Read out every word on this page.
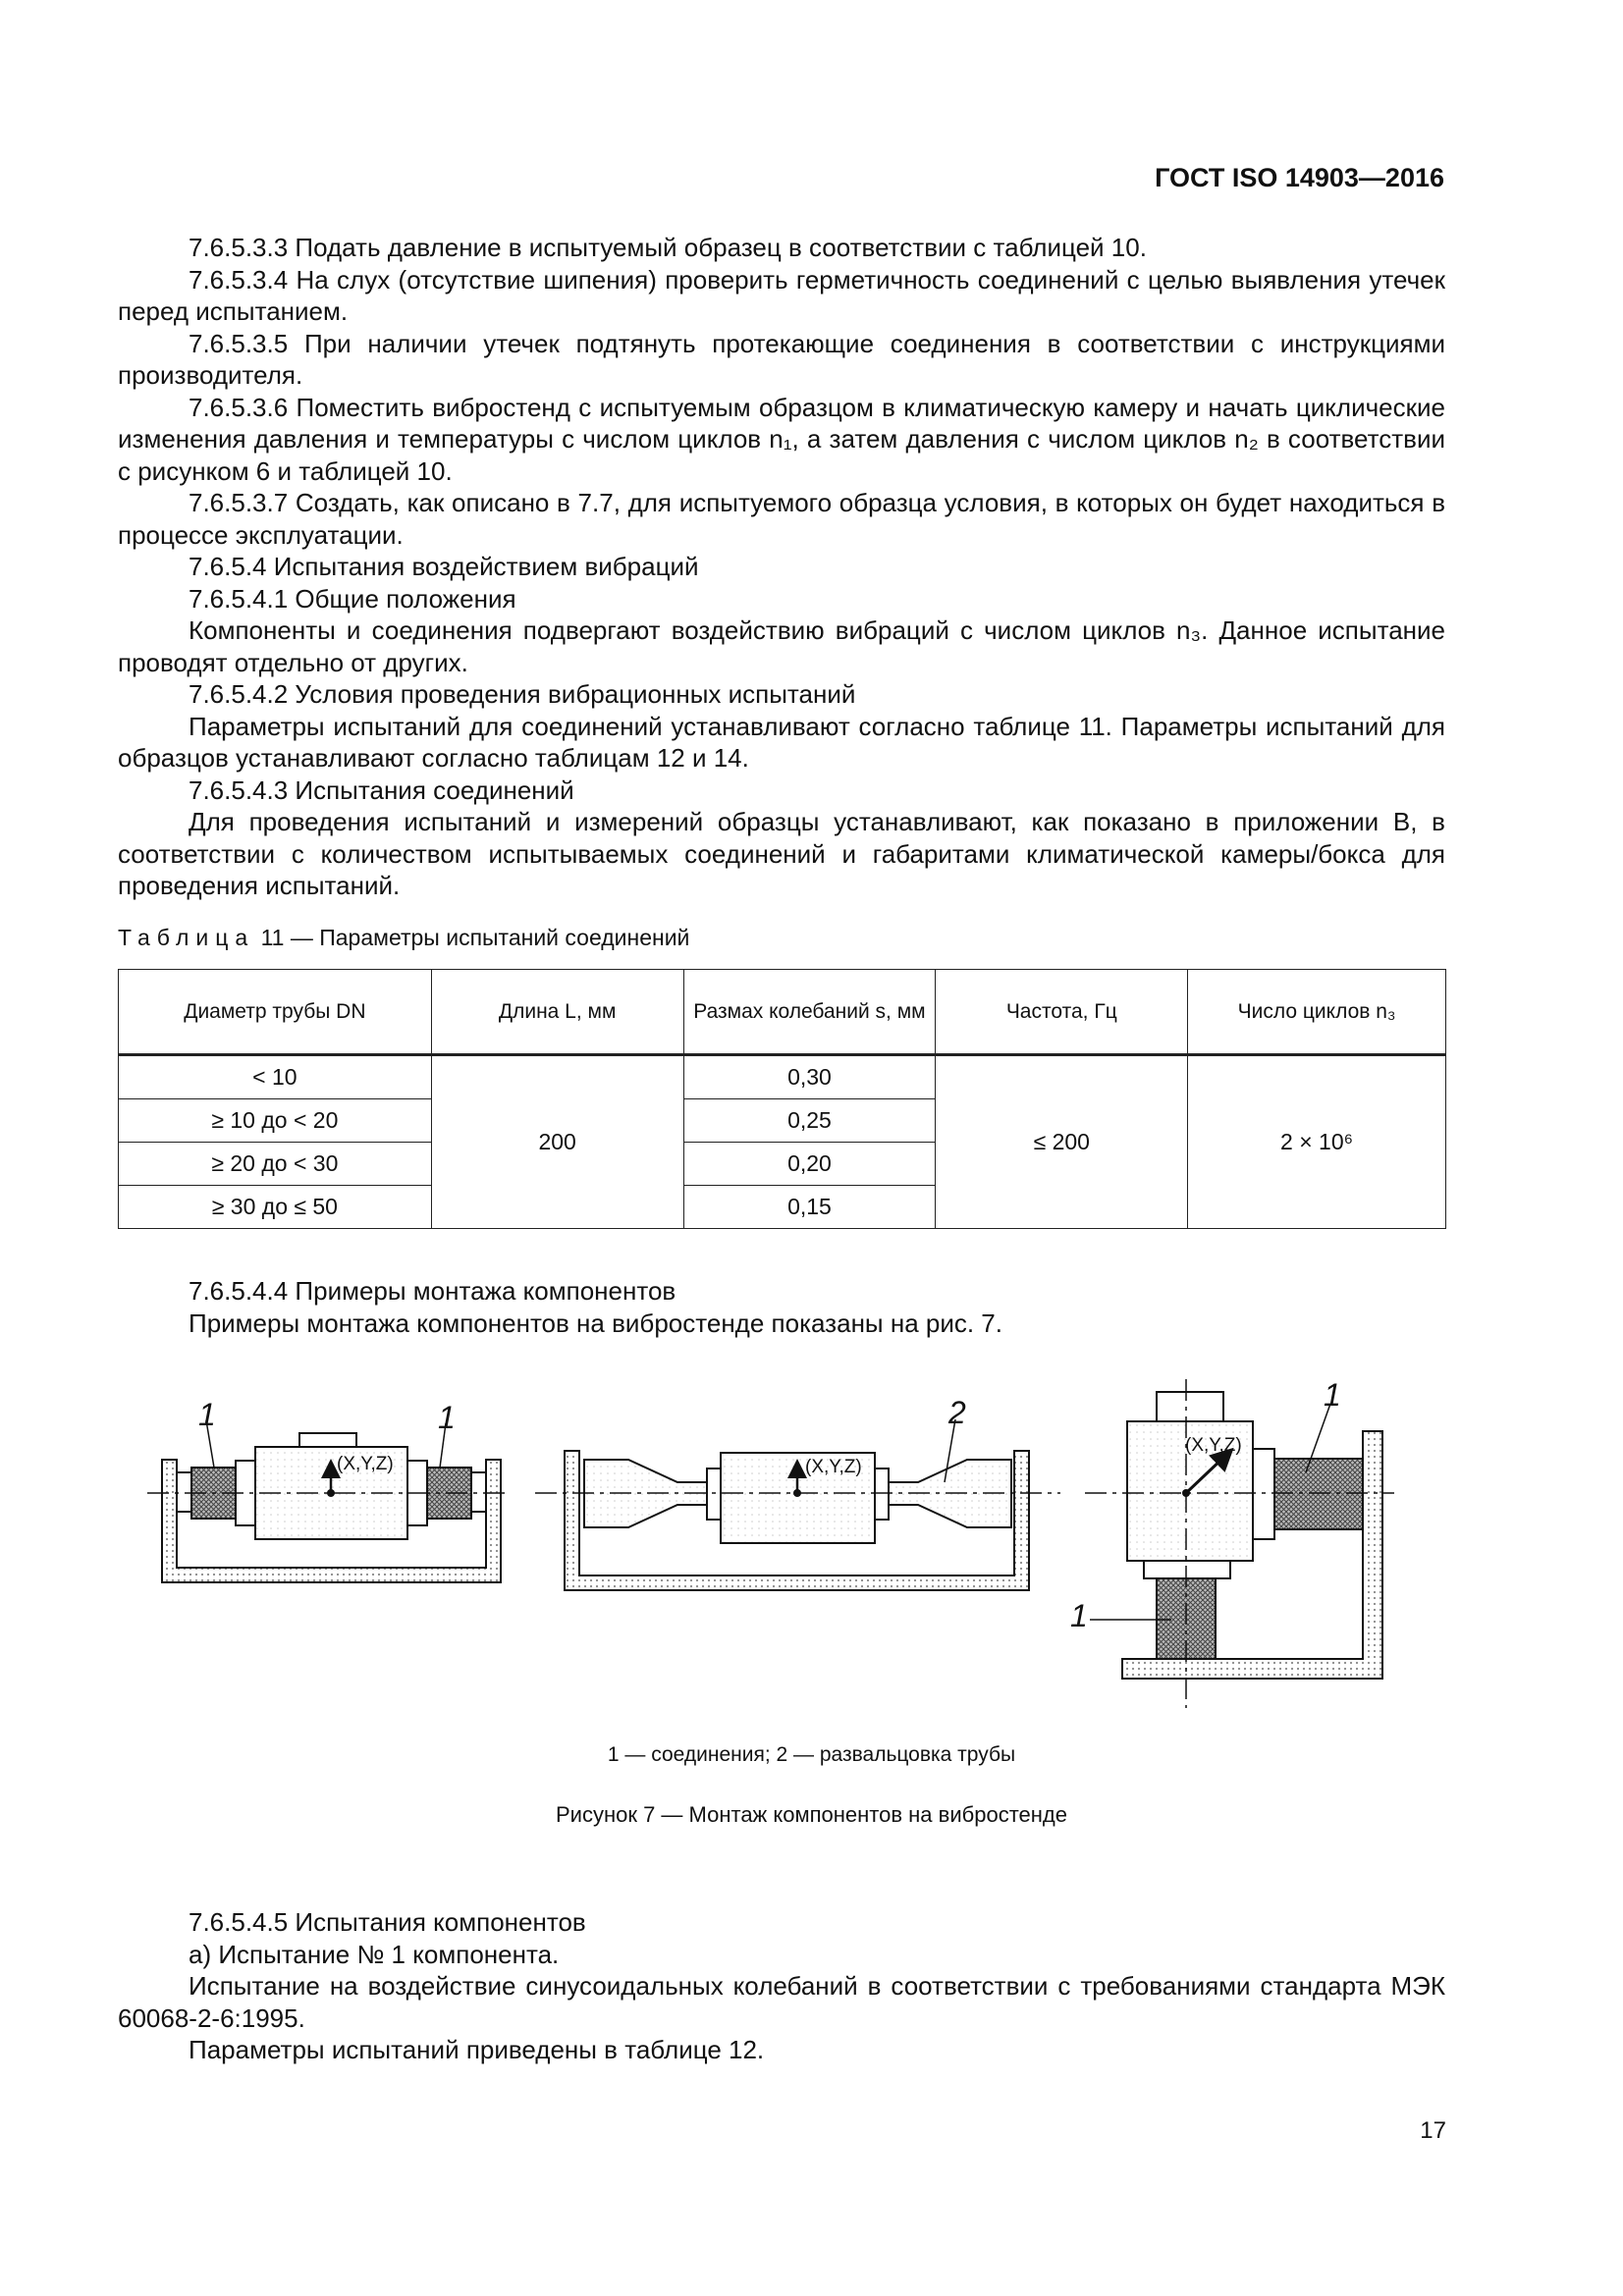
ГОСТ ISO 14903—2016

7.6.5.3.3 Подать давление в испытуемый образец в соответствии с таблицей 10.

7.6.5.3.4 На слух (отсутствие шипения) проверить герметичность соединений с целью выявления утечек перед испытанием.

7.6.5.3.5 При наличии утечек подтянуть протекающие соединения в соответствии с инструкциями производителя.

7.6.5.3.6 Поместить вибростенд с испытуемым образцом в климатическую камеру и начать циклические изменения давления и температуры с числом циклов n₁, а затем давления с числом циклов n₂ в соответствии с рисунком 6 и таблицей 10.

7.6.5.3.7 Создать, как описано в 7.7, для испытуемого образца условия, в которых он будет находиться в процессе эксплуатации.

7.6.5.4 Испытания воздействием вибраций

7.6.5.4.1 Общие положения

Компоненты и соединения подвергают воздействию вибраций с числом циклов n₃. Данное испытание проводят отдельно от других.

7.6.5.4.2 Условия проведения вибрационных испытаний

Параметры испытаний для соединений устанавливают согласно таблице 11. Параметры испытаний для образцов устанавливают согласно таблицам 12 и 14.

7.6.5.4.3 Испытания соединений

Для проведения испытаний и измерений образцы устанавливают, как показано в приложении В, в соответствии с количеством испытываемых соединений и габаритами климатической камеры/бокса для проведения испытаний.

Таблица 11 — Параметры испытаний соединений
Диаметр трубы DN	Длина L, мм	Размах колебаний s, мм	Частота, Гц	Число циклов n₃
< 10	200	0,30	≤ 200	2 × 10⁶
≥ 10 до < 20		0,25		
≥ 20 до < 30		0,20		
≥ 30 до ≤ 50		0,15		
7.6.5.4.4 Примеры монтажа компонентов
Примеры монтажа компонентов на вибростенде показаны на рис. 7.
1	1	2	1
1
(X,Y,Z)	(X,Y,Z)
(X,Y,Z)
1 — соединения; 2 — развальцовка трубы
Рисунок 7 — Монтаж компонентов на вибростенде

7.6.5.4.5 Испытания компонентов

а) Испытание № 1 компонента.

Испытание на воздействие синусоидальных колебаний в соответствии с требованиями стандарта МЭК 60068-2-6:1995.

Параметры испытаний приведены в таблице 12.

17
